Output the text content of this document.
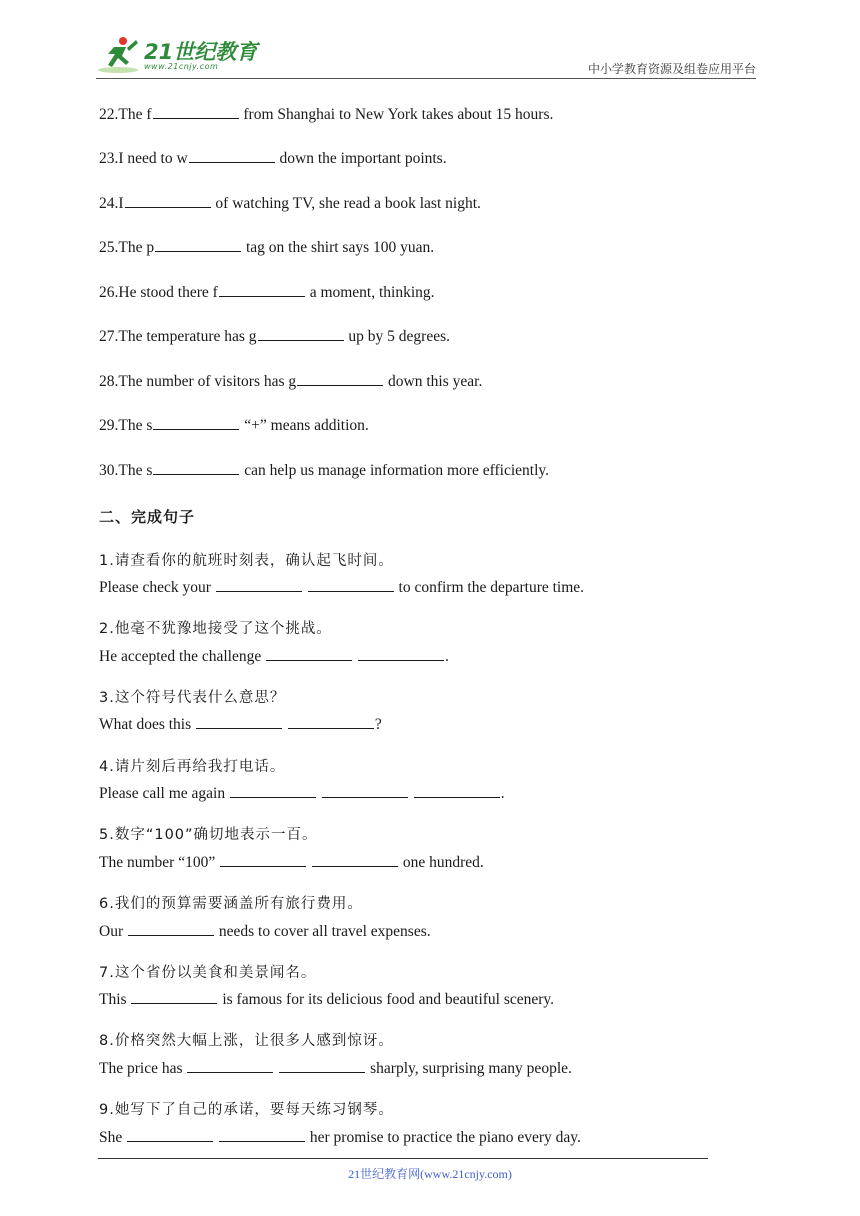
21世纪教育
www.21cnjy.com	中小学教育资源及组卷应用平台
22.The f	from Shanghai to New York takes about 15 hours.
23.I need to w	down the important points.
24.I	of watching TV, she read a book last night.
25.The p	tag on the shirt says 100 yuan.
26.He stood there f	a moment, thinking.
27.The temperature has g	up by 5 degrees.
28.The number of visitors has g	down this year.
29.The s	“+” means addition.
30.The s	can help us manage information more efficiently.
二、完成句子
1.请查看你的航班时刻表，确认起飞时间。
Please check your	to confirm the departure time.
2.他毫不犹豫地接受了这个挑战。
He accepted the challenge	.
3.这个符号代表什么意思？
What does this	?
4.请片刻后再给我打电话。
Please call me again	.
5.数字“100”确切地表示一百。
The number “100”	one hundred.
6.我们的预算需要涵盖所有旅行费用。
Our	needs to cover all travel expenses.
7.这个省份以美食和美景闻名。
This	is famous for its delicious food and beautiful scenery.
8.价格突然大幅上涨，让很多人感到惊讶。
The price has	sharply, surprising many people.
9.她写下了自己的承诺，要每天练习钢琴。
She	her promise to practice the piano every day.
21世纪教育网(www.21cnjy.com)
